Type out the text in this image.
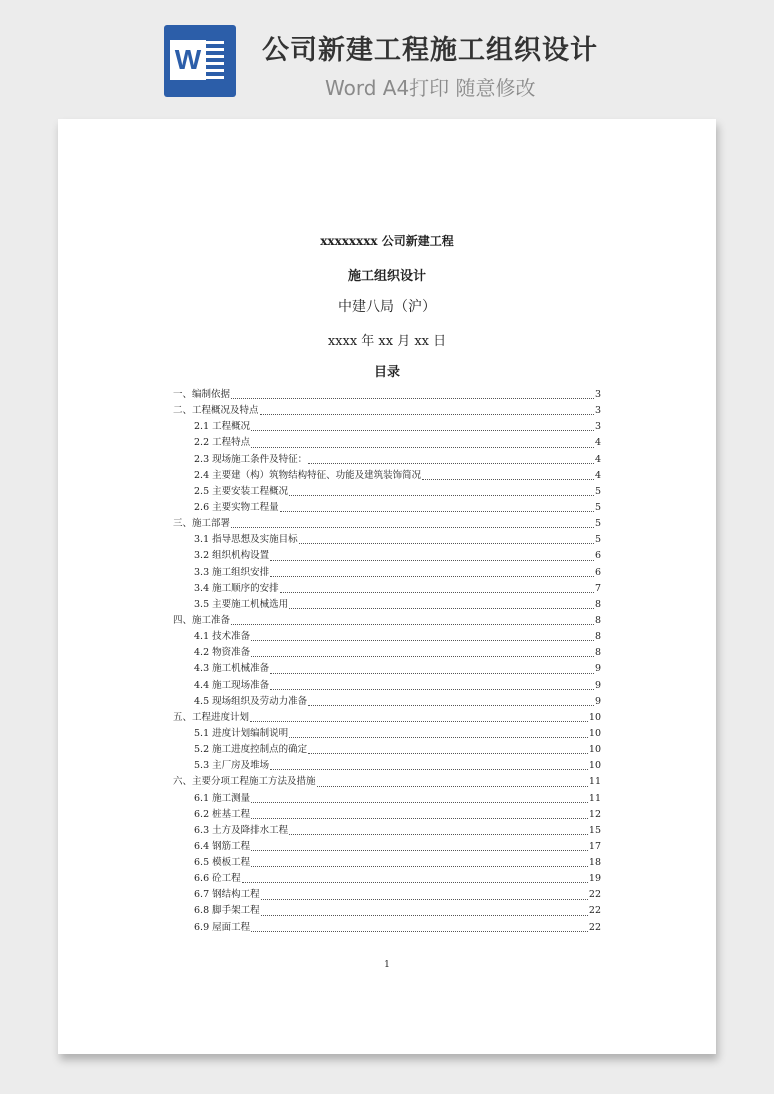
W 公司新建工程施工组织设计
Word A4打印 随意修改
xxxxxxxx 公司新建工程
施工组织设计
中建八局（沪）
xxxx 年 xx 月 xx 日
目录
一、编制依据	3
二、工程概况及特点	3
2.1 工程概况	3
2.2 工程特点	4
2.3 现场施工条件及特征：	4
2.4 主要建（构）筑物结构特征、功能及建筑装饰简况	4
2.5 主要安装工程概况	5
2.6 主要实物工程量	5
三、施工部署	5
3.1 指导思想及实施目标	5
3.2 组织机构设置	6
3.3 施工组织安排	6
3.4 施工顺序的安排	7
3.5 主要施工机械选用	8
四、施工准备	8
4.1 技术准备	8
4.2 物资准备	8
4.3 施工机械准备	9
4.4 施工现场准备	9
4.5 现场组织及劳动力准备	9
五、工程进度计划	10
5.1 进度计划编制说明	10
5.2 施工进度控制点的确定	10
5.3 主厂房及堆场	10
六、主要分项工程施工方法及措施	11
6.1 施工测量	11
6.2 桩基工程	12
6.3 土方及降排水工程	15
6.4 钢筋工程	17
6.5 模板工程	18
6.6 砼工程	19
6.7 钢结构工程	22
6.8 脚手架工程	22
6.9 屋面工程	22
1
